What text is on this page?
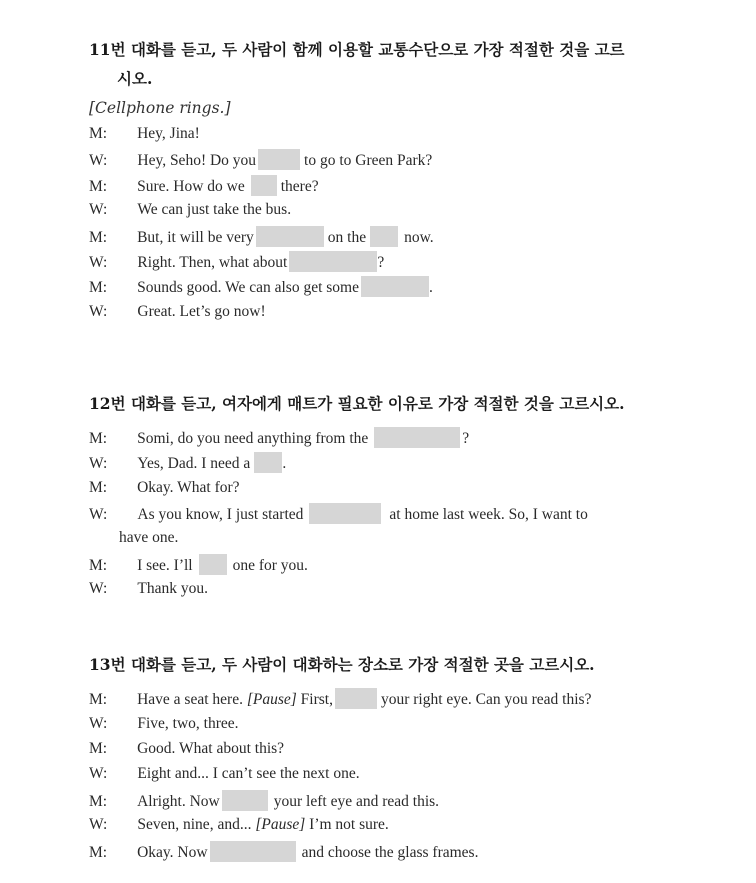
11번 대화를 듣고, 두 사람이 함께 이용할 교통수단으로 가장 적절한 것을 고르
시오.
[Cellphone rings.]
M: Hey, Jina!
W: Hey, Seho! Do you	to go to Green Park?
M: Sure. How do we there?
W: We can just take the bus.
M: But, it will be very	on the now.
W: Right. Then, what about	?
M: Sounds good. We can also get some	.
W: Great. Let’s go now!
12번 대화를 듣고, 여자에게 매트가 필요한 이유로 가장 적절한 것을 고르시오.
M: Somi, do you need anything from the	?
W: Yes, Dad. I need a .
M: Okay. What for?
W: As you know, I just started	at home last week. So, I want to
have one.
M: I see. I’ll	one for you.
W: Thank you.
13번 대화를 듣고, 두 사람이 대화하는 장소로 가장 적절한 곳을 고르시오.
M: Have a seat here. [Pause] First,	your right eye. Can you read this?
W: Five, two, three.
M: Good. What about this?
W: Eight and... I can’t see the next one.
M: Alright. Now	your left eye and read this.
W: Seven, nine, and... [Pause] I’m not sure.
M: Okay. Now	and choose the glass frames.
